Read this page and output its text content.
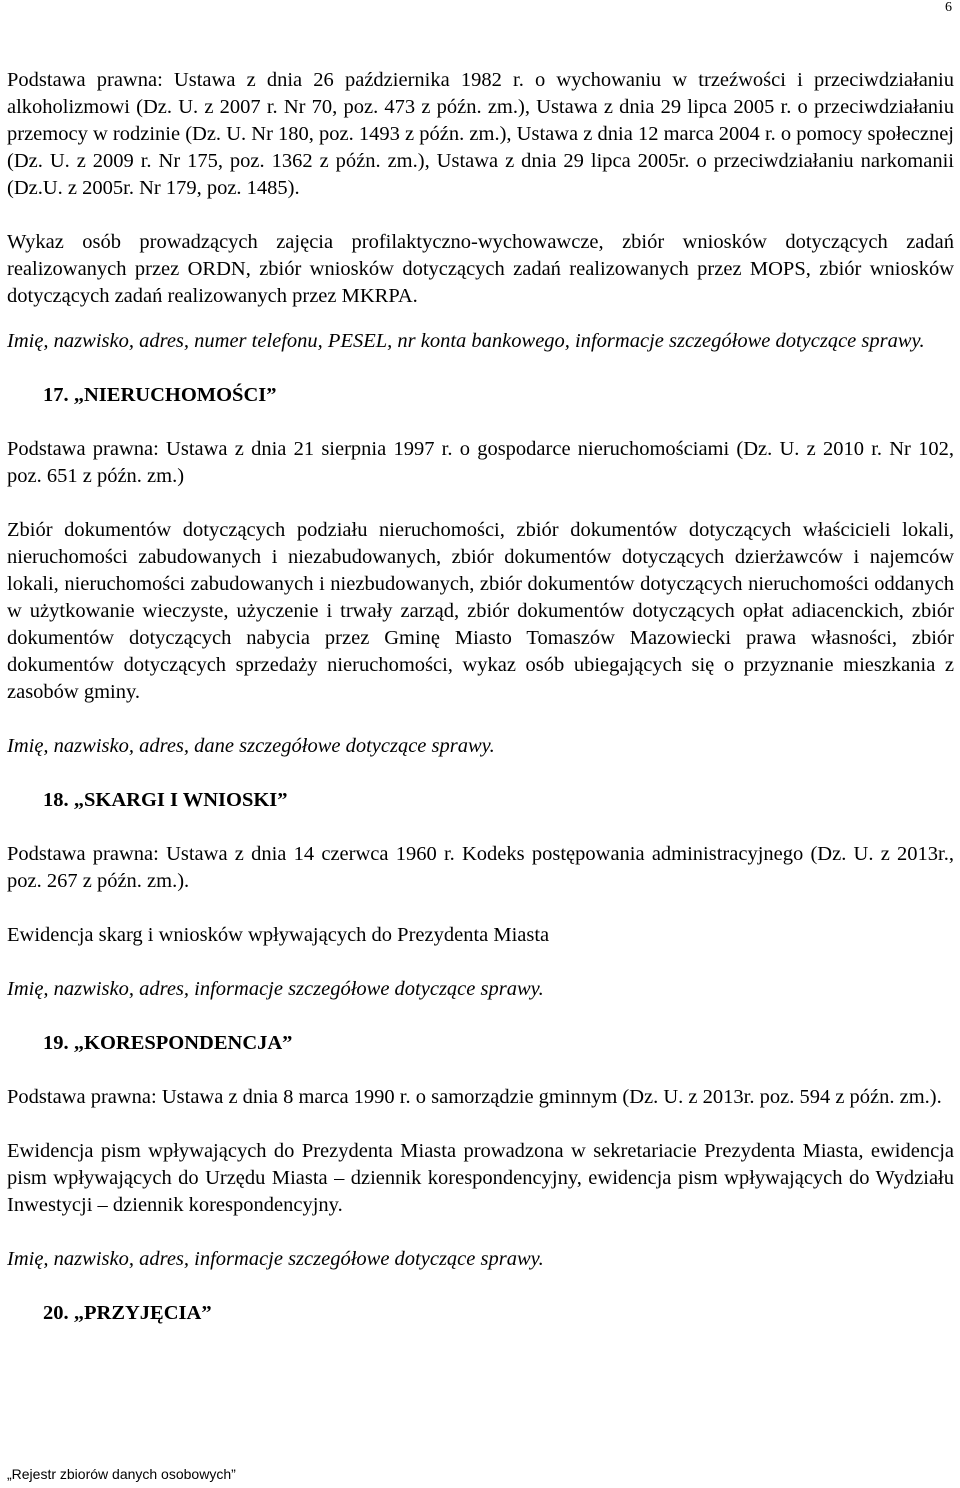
6

Podstawa prawna: Ustawa z dnia 26 października 1982 r. o wychowaniu w trzeźwości i przeciwdziałaniu alkoholizmowi (Dz. U. z 2007 r. Nr 70, poz. 473 z późn. zm.), Ustawa z dnia 29 lipca 2005 r. o przeciwdziałaniu przemocy w rodzinie (Dz. U. Nr 180, poz. 1493 z późn. zm.), Ustawa z dnia 12 marca 2004 r. o pomocy społecznej (Dz. U. z 2009 r. Nr 175, poz. 1362 z późn. zm.), Ustawa z dnia 29 lipca 2005r. o przeciwdziałaniu narkomanii (Dz.U. z 2005r. Nr 179, poz. 1485).

Wykaz osób prowadzących zajęcia profilaktyczno-wychowawcze, zbiór wniosków dotyczących zadań realizowanych przez ORDN, zbiór wniosków dotyczących zadań realizowanych przez MOPS, zbiór wniosków dotyczących zadań realizowanych przez MKRPA.

Imię, nazwisko, adres, numer telefonu, PESEL, nr konta bankowego, informacje szczegółowe dotyczące sprawy.

17. „NIERUCHOMOŚCI”

Podstawa prawna: Ustawa z dnia 21 sierpnia 1997 r. o gospodarce nieruchomościami (Dz. U. z 2010 r. Nr 102, poz. 651 z późn. zm.)

Zbiór dokumentów dotyczących podziału nieruchomości, zbiór dokumentów dotyczących właścicieli lokali, nieruchomości zabudowanych i niezabudowanych, zbiór dokumentów dotyczących dzierżawców i najemców lokali, nieruchomości zabudowanych i niezbudowanych, zbiór dokumentów dotyczących nieruchomości oddanych w użytkowanie wieczyste, użyczenie i trwały zarząd, zbiór dokumentów dotyczących opłat adiacenckich, zbiór dokumentów dotyczących nabycia przez Gminę Miasto Tomaszów Mazowiecki prawa własności, zbiór dokumentów dotyczących sprzedaży nieruchomości, wykaz osób ubiegających się o przyznanie mieszkania z zasobów gminy.

Imię, nazwisko, adres, dane szczegółowe dotyczące sprawy.

18. „SKARGI I WNIOSKI”

Podstawa prawna: Ustawa z dnia 14 czerwca 1960 r. Kodeks postępowania administracyjnego (Dz. U. z 2013r., poz. 267 z późn. zm.).

Ewidencja skarg i wniosków wpływających do Prezydenta Miasta

Imię, nazwisko, adres, informacje szczegółowe dotyczące sprawy.

19. „KORESPONDENCJA”

Podstawa prawna: Ustawa z dnia 8 marca 1990 r. o samorządzie gminnym (Dz. U. z 2013r. poz. 594 z późn. zm.).

Ewidencja pism wpływających do Prezydenta Miasta prowadzona w sekretariacie Prezydenta Miasta, ewidencja pism wpływających do Urzędu Miasta – dziennik korespondencyjny, ewidencja pism wpływających do Wydziału Inwestycji – dziennik korespondencyjny.

Imię, nazwisko, adres, informacje szczegółowe dotyczące sprawy.

20. „PRZYJĘCIA”

„Rejestr zbiorów danych osobowych”
